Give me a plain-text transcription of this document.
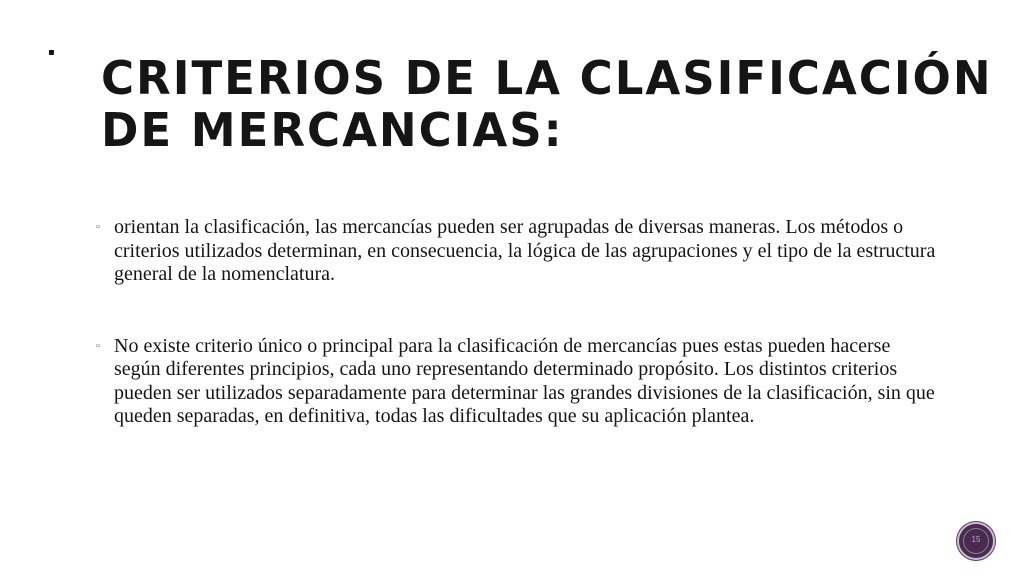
▪ CRITERIOS DE LA CLASIFICACIÓN
DE MERCANCIAS:
▫ orientan la clasificación, las mercancías pueden ser agrupadas de diversas maneras. Los métodos o criterios utilizados determinan, en consecuencia, la lógica de las agrupaciones y el tipo de la estructura general de la nomenclatura.
▫ No existe criterio único o principal para la clasificación de mercancías pues estas pueden hacerse según diferentes principios, cada uno representando determinado propósito. Los distintos criterios pueden ser utilizados separadamente para determinar las grandes divisiones de la clasificación, sin que queden separadas, en definitiva, todas las dificultades que su aplicación plantea.
15
